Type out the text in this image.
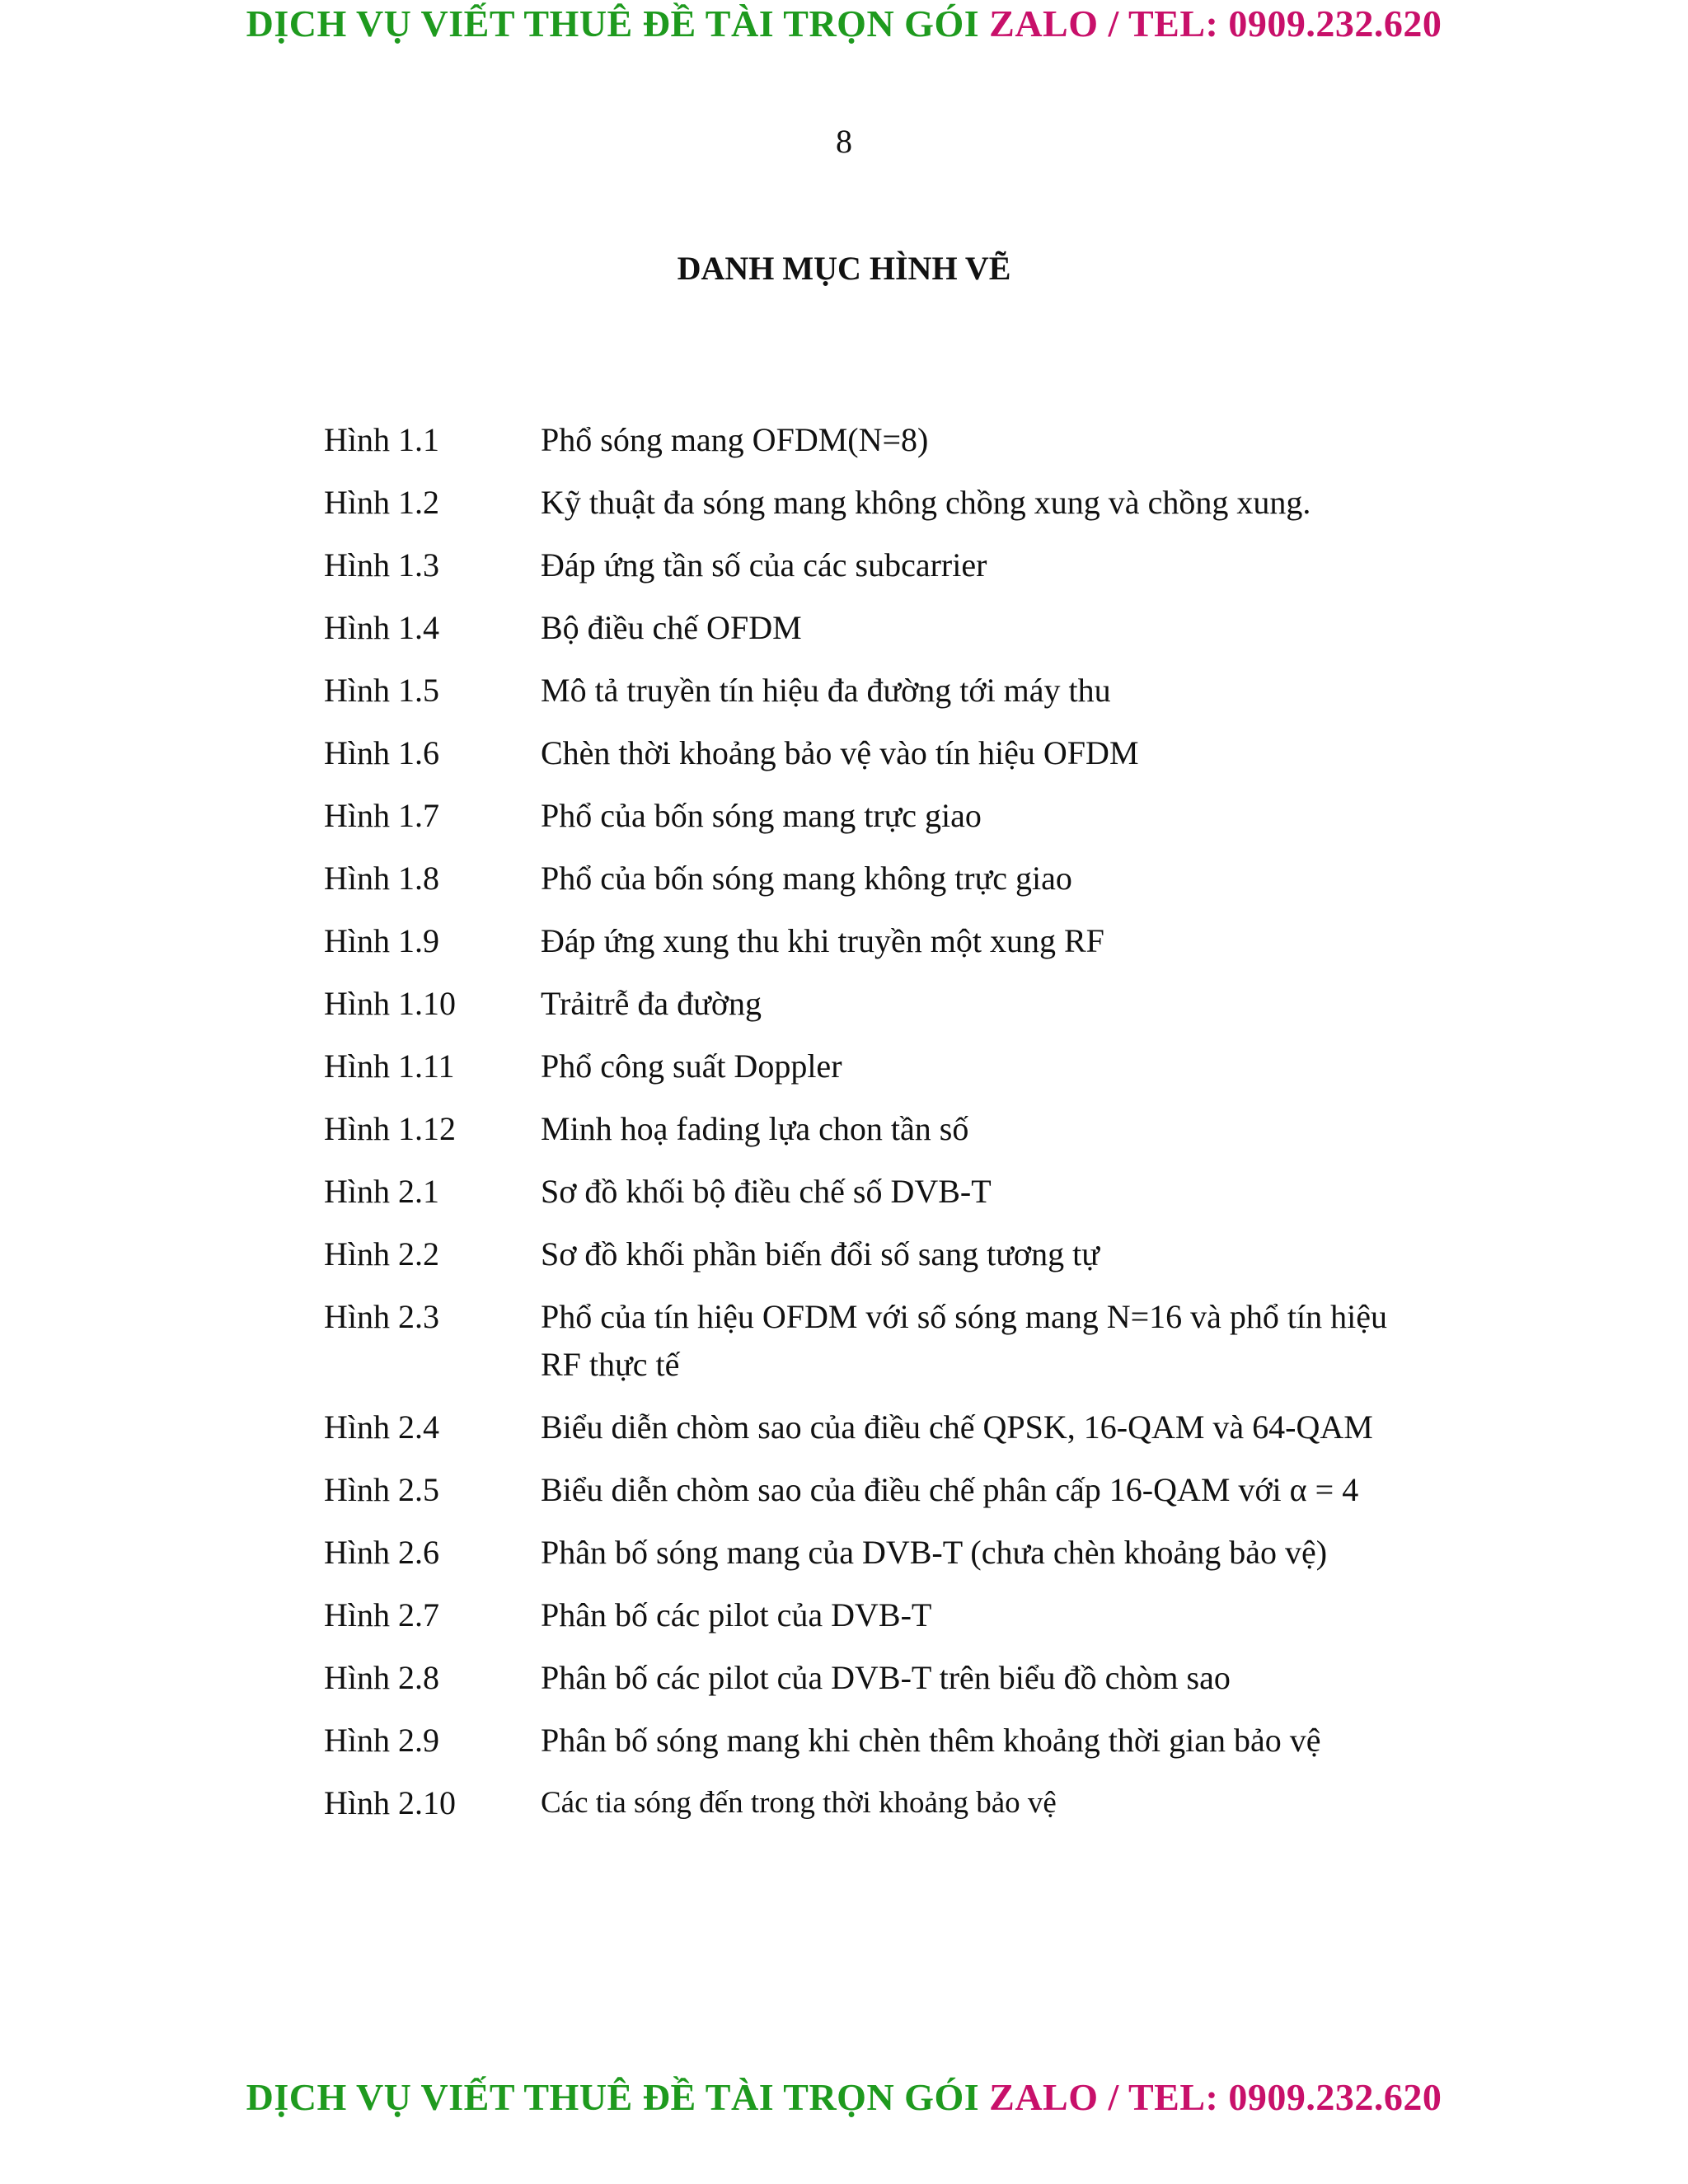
DỊCH VỤ VIẾT THUÊ ĐỀ TÀI TRỌN GÓI ZALO / TEL: 0909.232.620
8
DANH MỤC HÌNH VẼ
Hình 1.1	Phổ sóng mang OFDM(N=8)
Hình 1.2	Kỹ thuật đa sóng mang không chồng xung và chồng xung.
Hình 1.3	Đáp ứng tần số của các subcarrier
Hình 1.4	Bộ điều chế OFDM
Hình 1.5	Mô tả truyền tín hiệu đa đường tới máy thu
Hình 1.6	Chèn thời khoảng bảo vệ vào tín hiệu OFDM
Hình 1.7	Phổ của bốn sóng mang trực giao
Hình 1.8	Phổ của bốn sóng mang không trực giao
Hình 1.9	Đáp ứng xung thu khi truyền một xung RF
Hình 1.10	Trảitrễ đa đường
Hình 1.11	Phổ công suất Doppler
Hình 1.12	Minh hoạ fading lựa chon tần số
Hình 2.1	Sơ đồ khối bộ điều chế số DVB-T
Hình 2.2	Sơ đồ khối phần biến đổi số sang tương tự
Hình 2.3	Phổ của tín hiệu OFDM với số sóng mang N=16 và phổ tín hiệu RF thực tế
Hình 2.4	Biểu diễn chòm sao của điều chế QPSK, 16-QAM và 64-QAM
Hình 2.5	Biểu diễn chòm sao của điều chế phân cấp 16-QAM với α = 4
Hình 2.6	Phân bố sóng mang của DVB-T (chưa chèn khoảng bảo vệ)
Hình 2.7	Phân bố các pilot của DVB-T
Hình 2.8	Phân bố các pilot của DVB-T trên biểu đồ chòm sao
Hình 2.9	Phân bố sóng mang khi chèn thêm khoảng thời gian bảo vệ
Hình 2.10	Các tia sóng đến trong thời khoảng bảo vệ
DỊCH VỤ VIẾT THUÊ ĐỀ TÀI TRỌN GÓI ZALO / TEL: 0909.232.620
